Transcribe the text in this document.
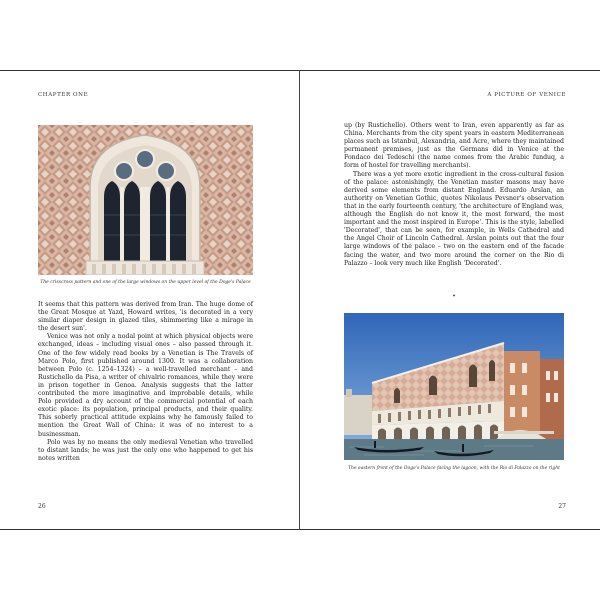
CHAPTER ONE
The crisscross pattern and one of the large windows on the upper level of the Doge's Palace

It seems that this pattern was derived from Iran. The huge dome of the Great Mosque at Yazd, Howard writes, 'is decorated in a very similar diaper design in glazed tiles, shimmering like a mirage in the desert sun'.

Venice was not only a nodal point at which physical objects were exchanged, ideas – including visual ones – also passed through it. One of the few widely read books by a Venetian is The Travels of Marco Polo, first published around 1300. It was a collaboration between Polo (c. 1254–1324) – a well-travelled merchant – and Rustichello da Pisa, a writer of chivalric romances, while they were in prison together in Genoa. Analysis suggests that the latter contributed the more imaginative and improbable details, while Polo provided a dry account of the commercial potential of each exotic place: its population, principal products, and their quality. This soberly practical attitude explains why he famously failed to mention the Great Wall of China: it was of no interest to a businessman.

Polo was by no means the only medieval Venetian who travelled to distant lands; he was just the only one who happened to get his notes written

26
A PICTURE OF VENICE

up (by Rustichello). Others went to Iran, even apparently as far as China. Merchants from the city spent years in eastern Mediterranean places such as Istanbul, Alexandria, and Acre, where they maintained permanent premises, just as the Germans did in Venice at the Fondaco dei Tedeschi (the name comes from the Arabic funduq, a form of hostel for travelling merchants).

There was a yet more exotic ingredient in the cross-cultural fusion of the palace: astonishingly, the Venetian master masons may have derived some elements from distant England. Eduardo Arslan, an authority on Venetian Gothic, quotes Nikolaus Pevsner's observation that in the early fourteenth century, 'the architecture of England was, although the English do not know it, the most forward, the most important and the most inspired in Europe'. This is the style, labelled 'Decorated', that can be seen, for example, in Wells Cathedral and the Angel Choir of Lincoln Cathedral. Arslan points out that the four large windows of the palace – two on the eastern end of the facade facing the water, and two more around the corner on the Rio di Palazzo – look very much like English 'Decorated'.

•
The eastern front of the Doge's Palace facing the lagoon, with the Rio di Palazzo on the right
27
